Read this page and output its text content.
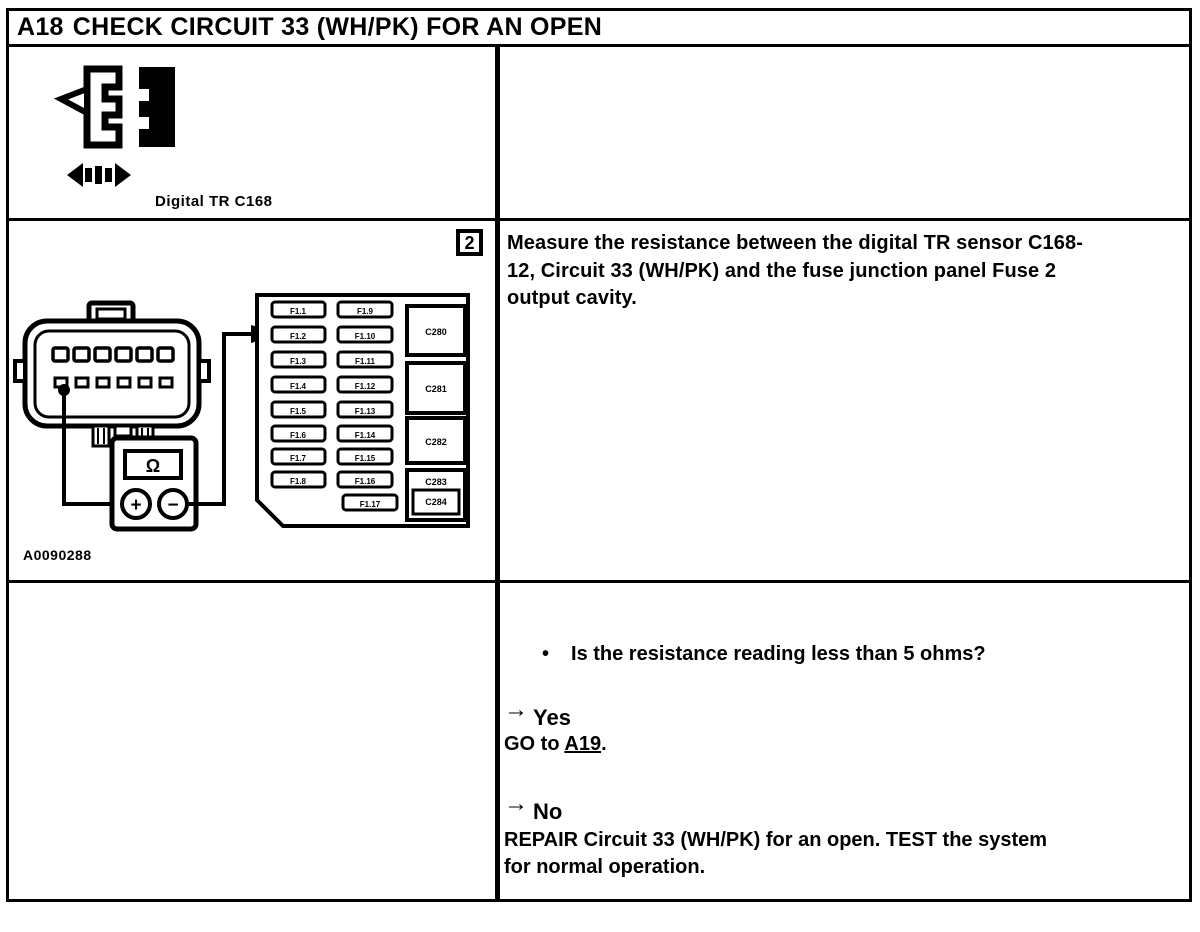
A18 CHECK CIRCUIT 33 (WH/PK) FOR AN OPEN
Digital TR C168
Ω
+ −
F1.1
F1.2
F1.3
F1.4
F1.5
F1.6
F1.7
F1.8
F1.9
F1.10
F1.11
F1.12
F1.13
F1.14
F1.15
F1.16
F1.17
C280
C281
C282
C283
C284
2
A0090288

Measure the resistance between the digital TR sensor C168-12, Circuit 33 (WH/PK) and the fuse junction panel Fuse 2 output cavity.

• Is the resistance reading less than 5 ohms?
→ Yes
GO to A19.
→ No
REPAIR Circuit 33 (WH/PK) for an open. TEST the system for normal operation.
